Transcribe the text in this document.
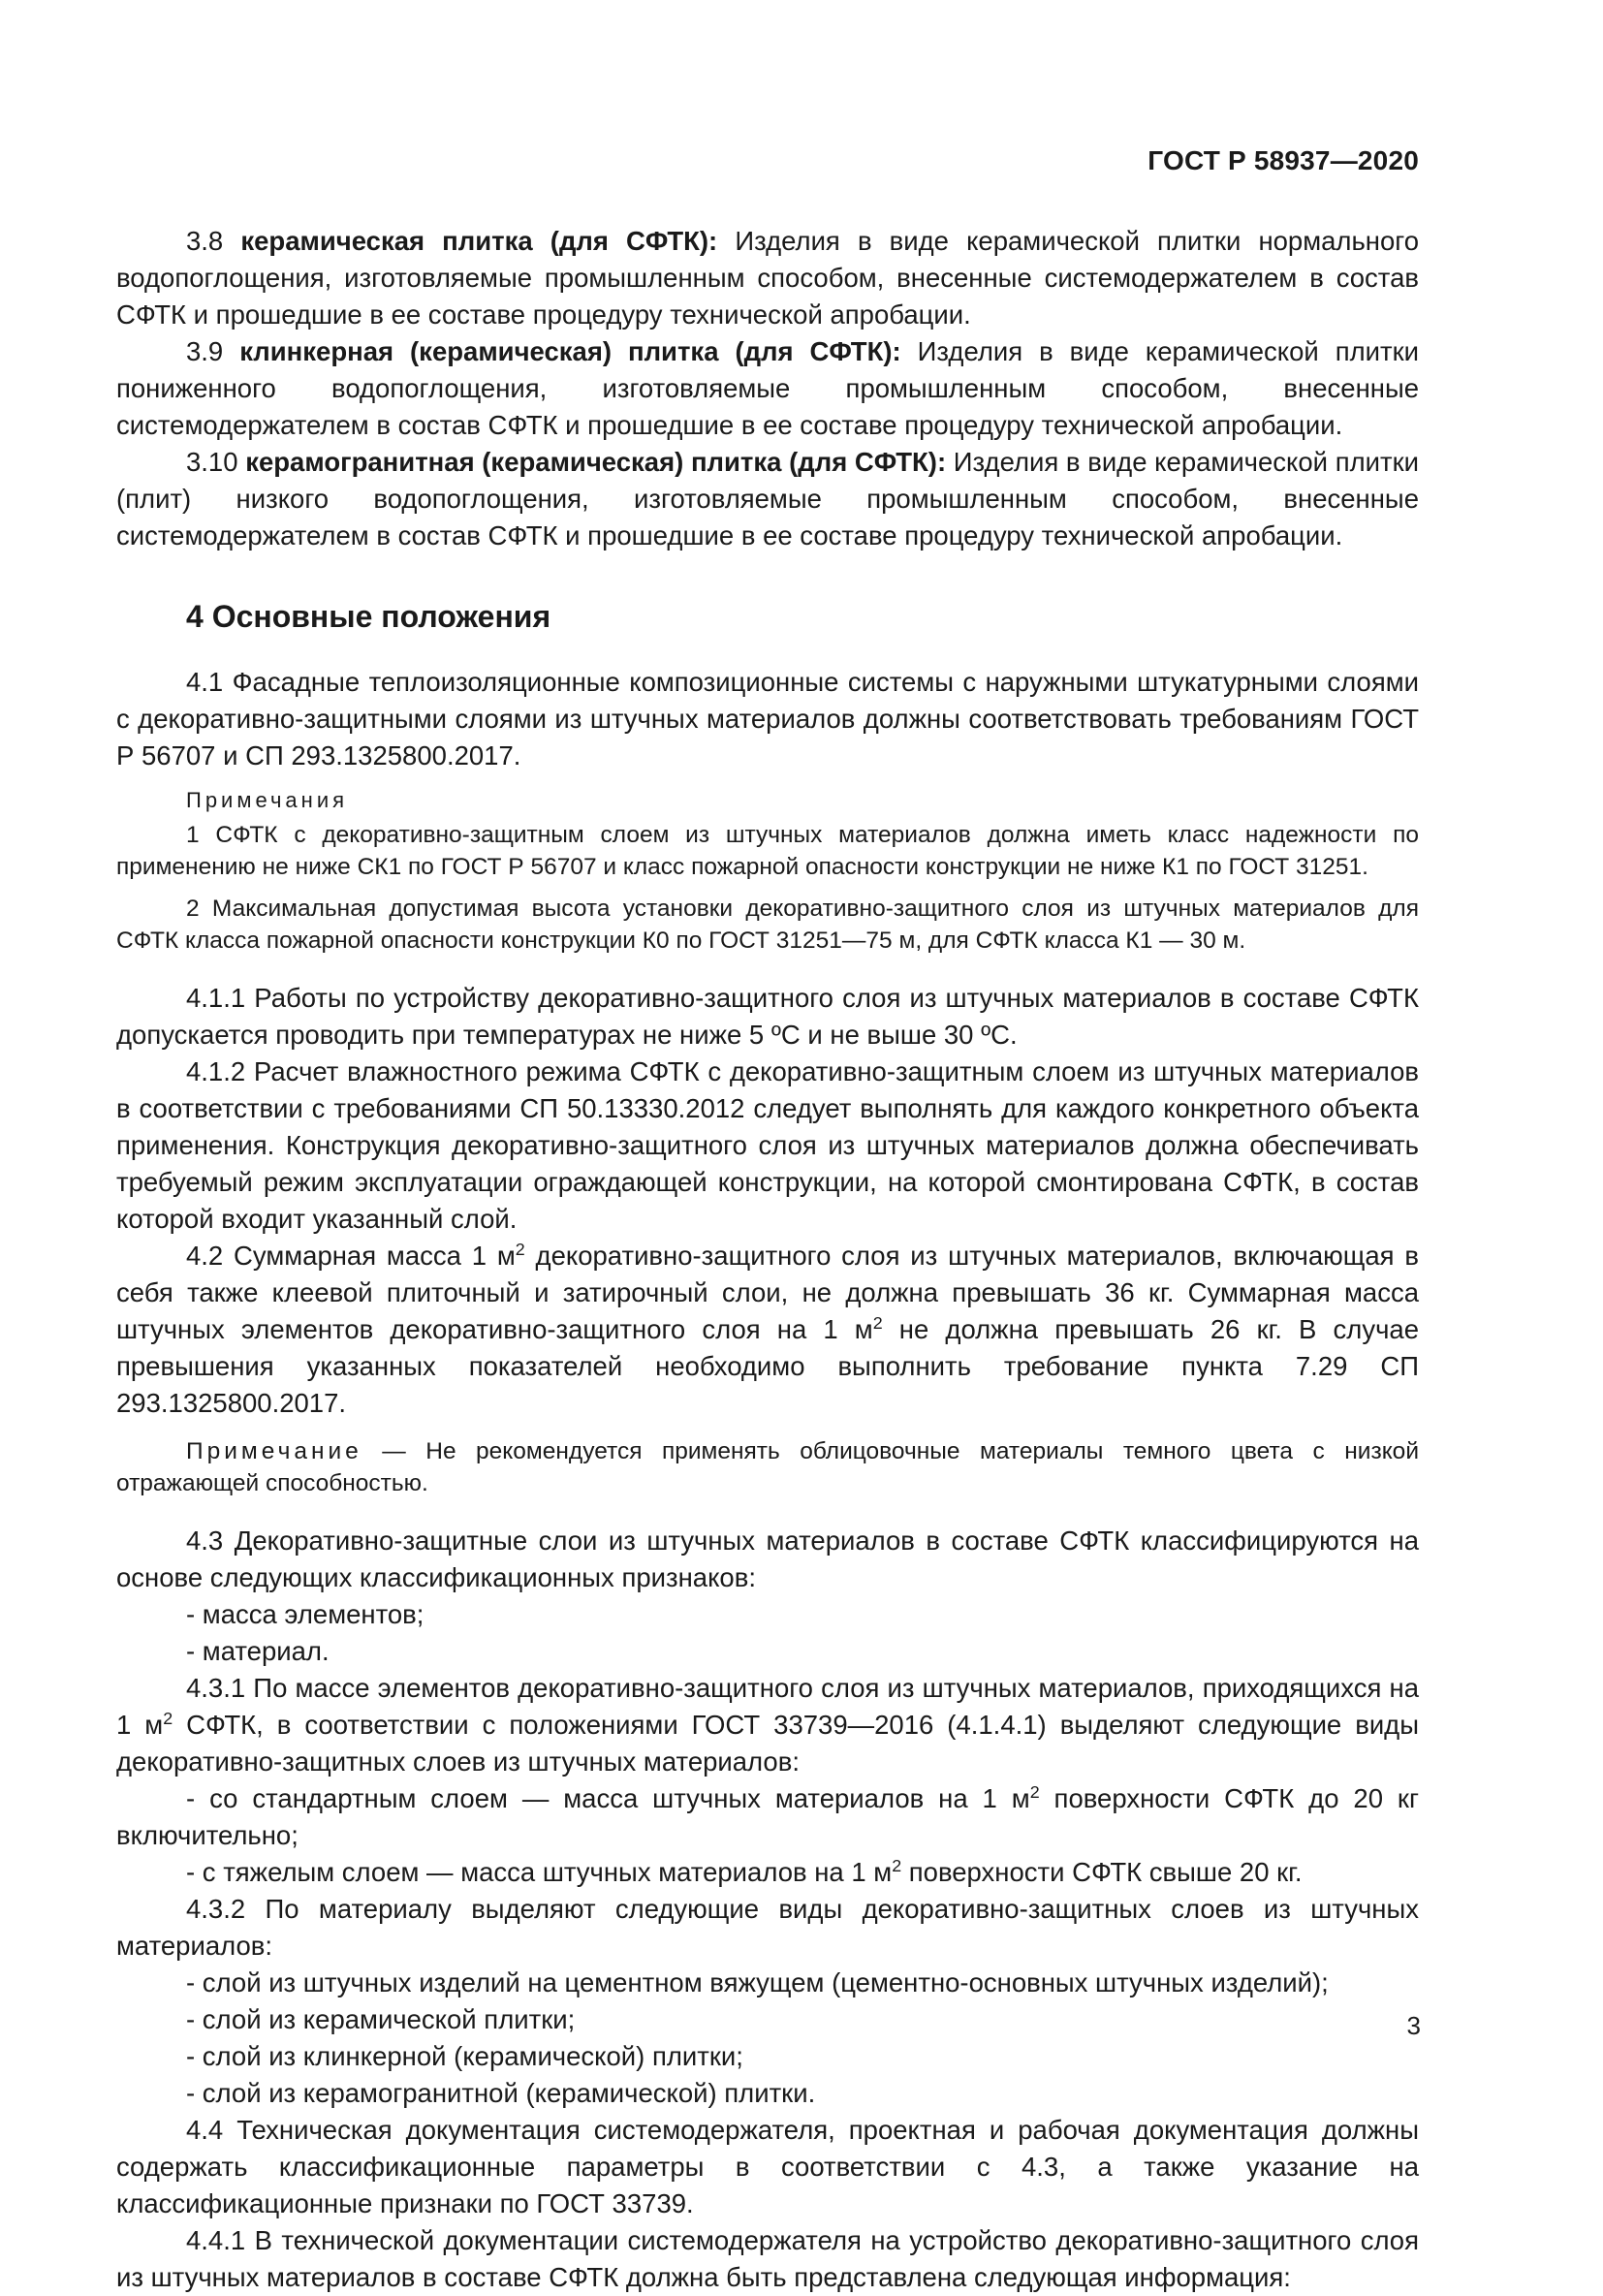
ГОСТ Р 58937—2020

3.8 керамическая плитка (для СФТК): Изделия в виде керамической плитки нормального водопоглощения, изготовляемые промышленным способом, внесенные системодержателем в состав СФТК и прошедшие в ее составе процедуру технической апробации.

3.9 клинкерная (керамическая) плитка (для СФТК): Изделия в виде керамической плитки пониженного водопоглощения, изготовляемые промышленным способом, внесенные системодержателем в состав СФТК и прошедшие в ее составе процедуру технической апробации.

3.10 керамогранитная (керамическая) плитка (для СФТК): Изделия в виде керамической плитки (плит) низкого водопоглощения, изготовляемые промышленным способом, внесенные системодержателем в состав СФТК и прошедшие в ее составе процедуру технической апробации.

4 Основные положения

4.1 Фасадные теплоизоляционные композиционные системы с наружными штукатурными слоями с декоративно-защитными слоями из штучных материалов должны соответствовать требованиям ГОСТ Р 56707 и СП 293.1325800.2017.

Примечания
1 СФТК с декоративно-защитным слоем из штучных материалов должна иметь класс надежности по применению не ниже СК1 по ГОСТ Р 56707 и класс пожарной опасности конструкции не ниже К1 по ГОСТ 31251.
2 Максимальная допустимая высота установки декоративно-защитного слоя из штучных материалов для СФТК класса пожарной опасности конструкции К0 по ГОСТ 31251—75 м, для СФТК класса К1 — 30 м.

4.1.1 Работы по устройству декоративно-защитного слоя из штучных материалов в составе СФТК допускается проводить при температурах не ниже 5 ºС и не выше 30 ºС.

4.1.2 Расчет влажностного режима СФТК с декоративно-защитным слоем из штучных материалов в соответствии с требованиями СП 50.13330.2012 следует выполнять для каждого конкретного объекта применения. Конструкция декоративно-защитного слоя из штучных материалов должна обеспечивать требуемый режим эксплуатации ограждающей конструкции, на которой смонтирована СФТК, в состав которой входит указанный слой.

4.2 Суммарная масса 1 $м^2$ декоративно-защитного слоя из штучных материалов, включающая в себя также клеевой плиточный и затирочный слои, не должна превышать 36 кг. Суммарная масса штучных элементов декоративно-защитного слоя на 1 $м^2$ не должна превышать 26 кг. В случае превышения указанных показателей необходимо выполнить требование пункта 7.29 СП 293.1325800.2017.

Примечание — Не рекомендуется применять облицовочные материалы темного цвета с низкой отражающей способностью.

4.3 Декоративно-защитные слои из штучных материалов в составе СФТК классифицируются на основе следующих классификационных признаков:

- масса элементов;

- материал.

4.3.1 По массе элементов декоративно-защитного слоя из штучных материалов, приходящихся на 1 $м^2$ СФТК, в соответствии с положениями ГОСТ 33739—2016 (4.1.4.1) выделяют следующие виды декоративно-защитных слоев из штучных материалов:

- со стандартным слоем — масса штучных материалов на 1 $м^2$ поверхности СФТК до 20 кг включительно;

- с тяжелым слоем — масса штучных материалов на 1 $м^2$ поверхности СФТК свыше 20 кг.

4.3.2 По материалу выделяют следующие виды декоративно-защитных слоев из штучных материалов:

- слой из штучных изделий на цементном вяжущем (цементно-основных штучных изделий);

- слой из керамической плитки;

- слой из клинкерной (керамической) плитки;

- слой из керамогранитной (керамической) плитки.

4.4 Техническая документация системодержателя, проектная и рабочая документация должны содержать классификационные параметры в соответствии с 4.3, а также указание на классификационные признаки по ГОСТ 33739.

4.4.1 В технической документации системодержателя на устройство декоративно-защитного слоя из штучных материалов в составе СФТК должна быть представлена следующая информация:

3
